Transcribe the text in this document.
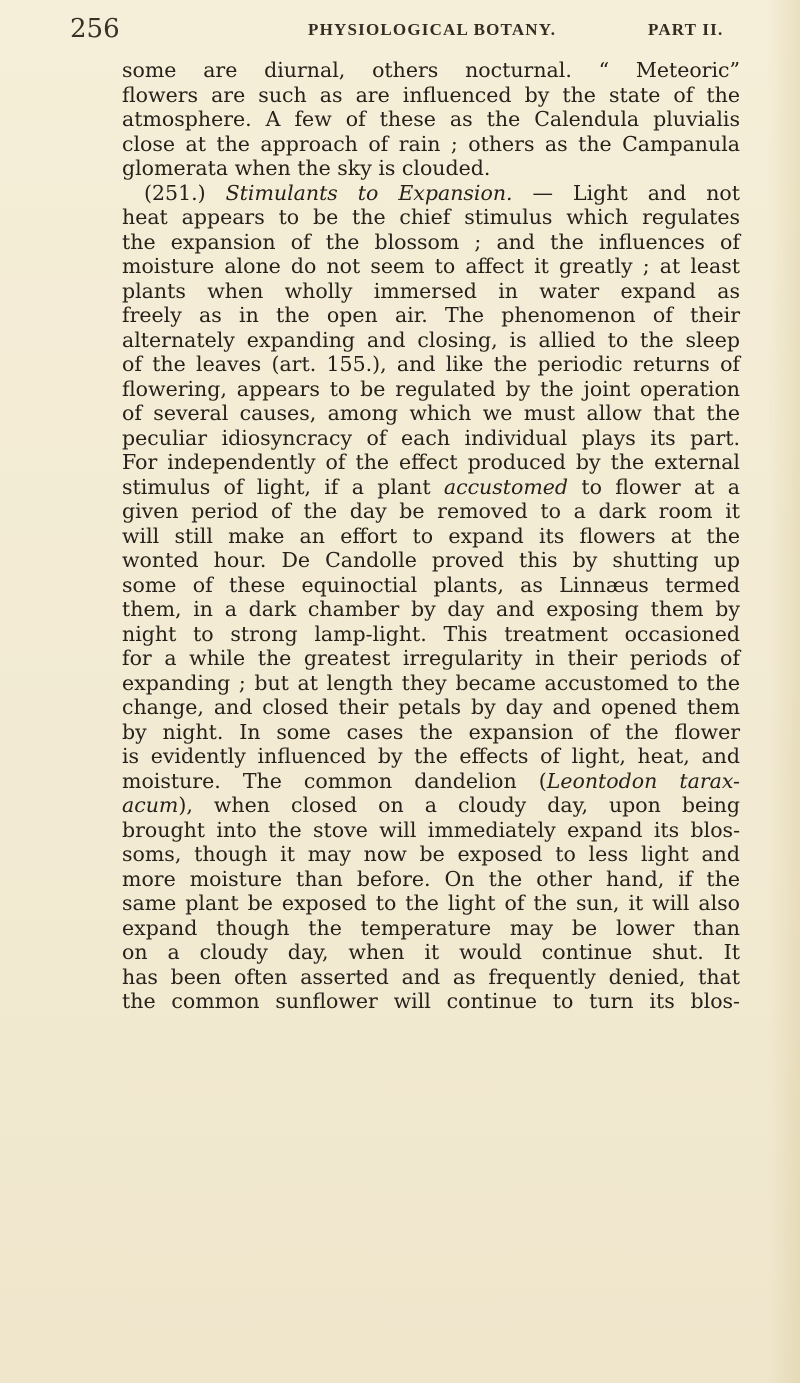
256	PHYSIOLOGICAL BOTANY.	PART II.
some are diurnal, others nocturnal. “ Meteoric”
flowers are such as are influenced by the state of the
atmosphere. A few of these as the Calendula pluvialis
close at the approach of rain ; others as the Campanula
glomerata when the sky is clouded.
(251.) Stimulants to Expansion. — Light and not
heat appears to be the chief stimulus which regulates
the expansion of the blossom ; and the influences of
moisture alone do not seem to affect it greatly ; at least
plants when wholly immersed in water expand as
freely as in the open air. The phenomenon of their
alternately expanding and closing, is allied to the sleep
of the leaves (art. 155.), and like the periodic returns of
flowering, appears to be regulated by the joint operation
of several causes, among which we must allow that the
peculiar idiosyncracy of each individual plays its part.
For independently of the effect produced by the external
stimulus of light, if a plant accustomed to flower at a
given period of the day be removed to a dark room it
will still make an effort to expand its flowers at the
wonted hour. De Candolle proved this by shutting up
some of these equinoctial plants, as Linnæus termed
them, in a dark chamber by day and exposing them by
night to strong lamp-light. This treatment occasioned
for a while the greatest irregularity in their periods of
expanding ; but at length they became accustomed to the
change, and closed their petals by day and opened them
by night. In some cases the expansion of the flower
is evidently influenced by the effects of light, heat, and
moisture. The common dandelion (Leontodon tarax-
acum), when closed on a cloudy day, upon being
brought into the stove will immediately expand its blos-
soms, though it may now be exposed to less light and
more moisture than before. On the other hand, if the
same plant be exposed to the light of the sun, it will also
expand though the temperature may be lower than
on a cloudy day, when it would continue shut. It
has been often asserted and as frequently denied, that
the common sunflower will continue to turn its blos-
